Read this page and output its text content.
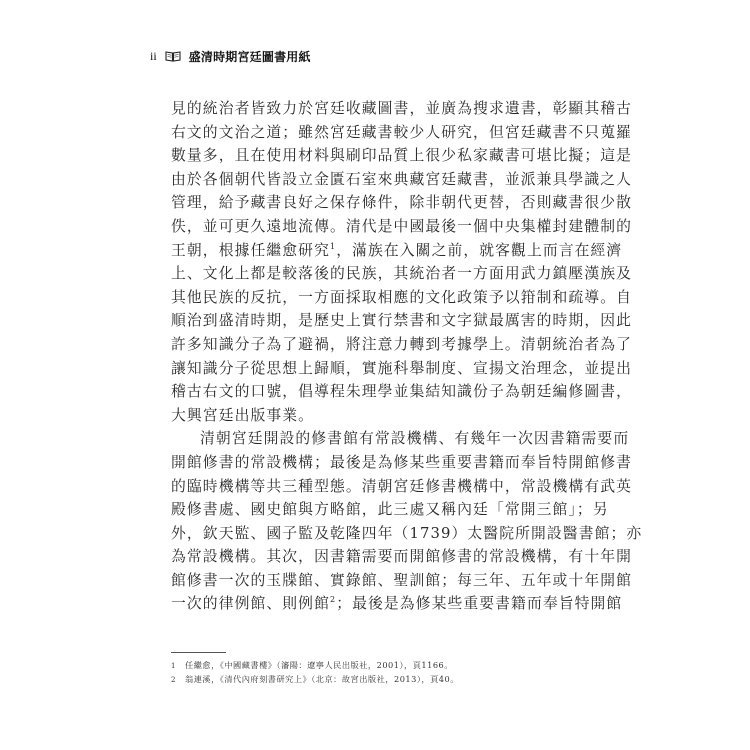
ii	盛清時期宮廷圖書用紙
見的統治者皆致力於宮廷收藏圖書，並廣為搜求遺書，彰顯其稽古
右文的文治之道；雖然宮廷藏書較少人研究，但宮廷藏書不只蒐羅
數量多，且在使用材料與刷印品質上很少私家藏書可堪比擬；這是
由於各個朝代皆設立金匱石室來典藏宮廷藏書，並派兼具學識之人
管理，給予藏書良好之保存條件，除非朝代更替，否則藏書很少散
佚，並可更久遠地流傳。清代是中國最後一個中央集權封建體制的
王朝，根據任繼愈研究$^1$，滿族在入關之前，就客觀上而言在經濟
上、文化上都是較落後的民族，其統治者一方面用武力鎮壓漢族及
其他民族的反抗，一方面採取相應的文化政策予以箝制和疏導。自
順治到盛清時期，是歷史上實行禁書和文字獄最厲害的時期，因此
許多知識分子為了避禍，將注意力轉到考據學上。清朝統治者為了
讓知識分子從思想上歸順，實施科舉制度、宣揚文治理念，並提出
稽古右文的口號，倡導程朱理學並集結知識份子為朝廷編修圖書，
大興宮廷出版事業。
清朝宮廷開設的修書館有常設機構、有幾年一次因書籍需要而
開館修書的常設機構；最後是為修某些重要書籍而奉旨特開館修書
的臨時機構等共三種型態。清朝宮廷修書機構中，常設機構有武英
殿修書處、國史館與方略館，此三處又稱內廷「常開三館」；另
外，欽天監、國子監及乾隆四年（1739）太醫院所開設醫書館；亦
為常設機構。其次，因書籍需要而開館修書的常設機構，有十年開
館修書一次的玉牒館、實錄館、聖訓館；每三年、五年或十年開館
一次的律例館、則例館$^2$；最後是為修某些重要書籍而奉旨特開館
1 任繼愈，《中國藏書樓》（瀋陽：遼寧人民出版社，2001），頁1166。
2 翁連溪，《清代內府刻書研究上》（北京：故宮出版社，2013），頁40。
